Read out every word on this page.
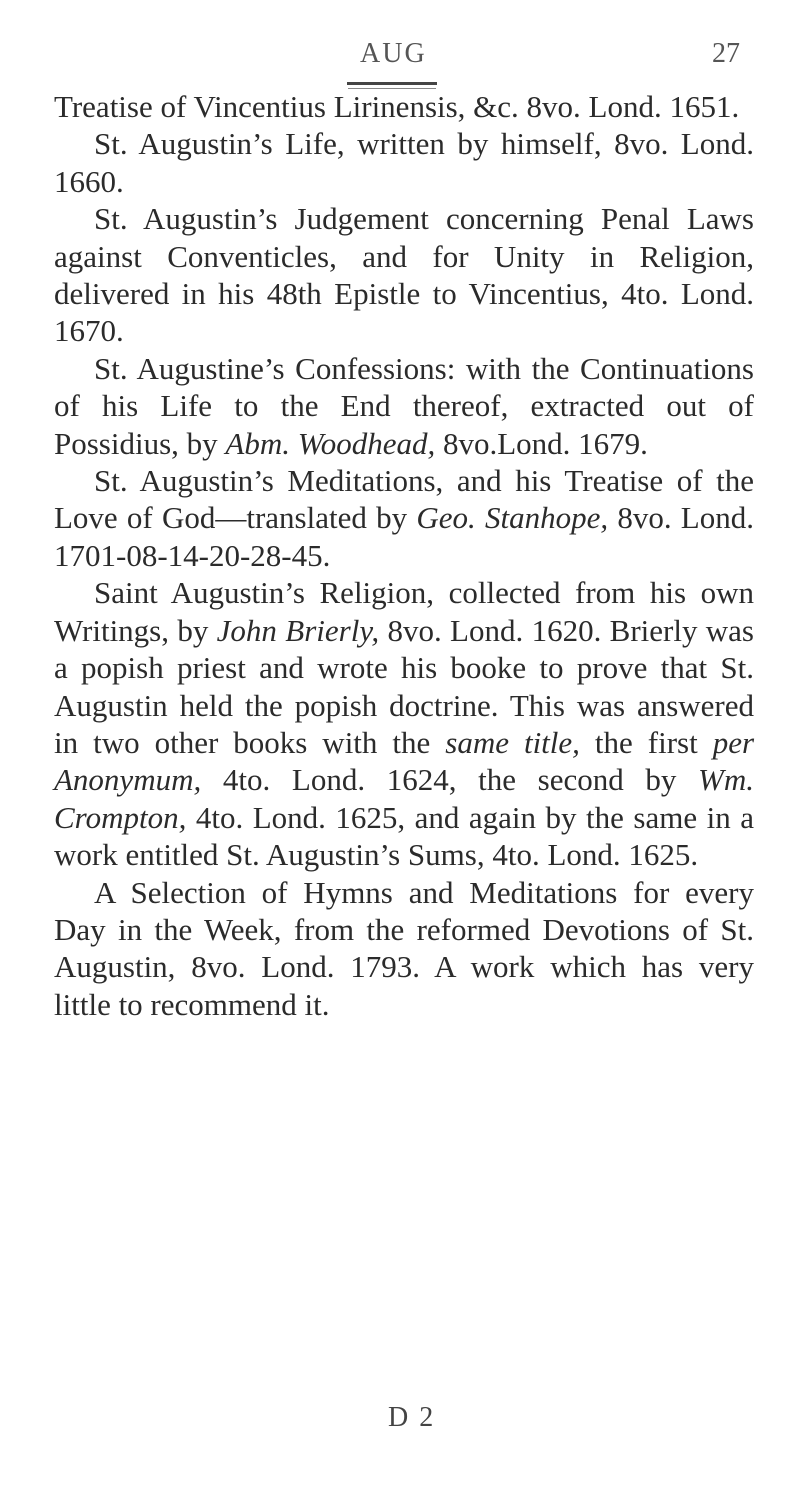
AUG	27

Treatise of Vincentius Lirinensis, &c. 8vo. Lond. 1651.

St. Augustin’s Life, written by himself, 8vo. Lond. 1660.

St. Augustin’s Judgement concerning Penal Laws against Conventicles, and for Unity in Religion, delivered in his 48th Epistle to Vincentius, 4to. Lond. 1670.

St. Augustine’s Confessions: with the Continuations of his Life to the End thereof, extracted out of Possidius, by Abm. Woodhead, 8vo.Lond. 1679.

St. Augustin’s Meditations, and his Treatise of the Love of God—translated by Geo. Stanhope, 8vo. Lond. 1701-08-14-20-28-45.

Saint Augustin’s Religion, collected from his own Writings, by John Brierly, 8vo. Lond. 1620. Brierly was a popish priest and wrote his booke to prove that St. Augustin held the popish doctrine. This was answered in two other books with the same title, the first per Anonymum, 4to. Lond. 1624, the second by Wm. Crompton, 4to. Lond. 1625, and again by the same in a work entitled St. Augustin’s Sums, 4to. Lond. 1625.

A Selection of Hymns and Meditations for every Day in the Week, from the reformed Devotions of St. Augustin, 8vo. Lond. 1793. A work which has very little to recommend it.

D 2
